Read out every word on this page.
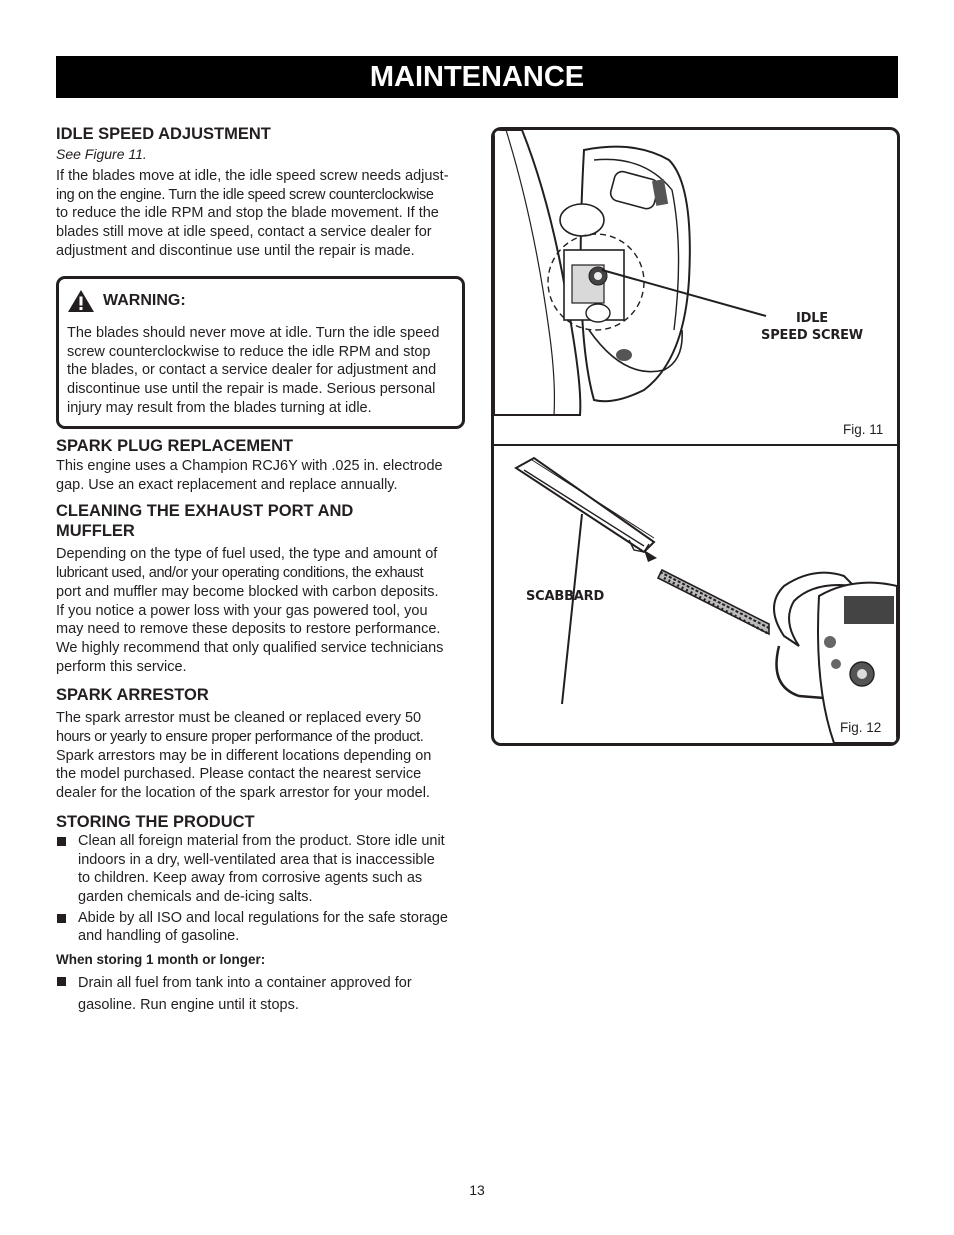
MAINTENANCE

IDLE SPEED ADJUSTMENT

See Figure 11.

If the blades move at idle, the idle speed screw needs adjust-

ing on the engine. Turn the idle speed screw counterclockwise

to reduce the idle RPM and stop the blade movement. If the

blades still move at idle speed, contact a service dealer for

adjustment and discontinue use until the repair is made.

WARNING:
The blades should never move at idle. Turn the idle speed
screw counterclockwise to reduce the idle RPM and stop
the blades, or contact a service dealer for adjustment and
discontinue use until the repair is made. Serious personal
injury may result from the blades turning at idle.

SPARK PLUG REPLACEMENT

This engine uses a Champion RCJ6Y with .025 in. electrode

gap. Use an exact replacement and replace annually.

CLEANING THE EXHAUST PORT AND
MUFFLER

Depending on the type of fuel used, the type and amount of

lubricant used, and/or your operating conditions, the exhaust

port and muffler may become blocked with carbon deposits.

If you notice a power loss with your gas powered tool, you

may need to remove these deposits to restore performance.

We highly recommend that only qualified service technicians

perform this service.

SPARK ARRESTOR

The spark arrestor must be cleaned or replaced every 50

hours or yearly to ensure proper performance of the product.

Spark arrestors may be in different locations depending on

the model purchased. Please contact the nearest service

dealer for the location of the spark arrestor for your model.

STORING THE PRODUCT

Clean all foreign material from the product. Store idle unit
indoors in a dry, well-ventilated area that is inaccessible
to children. Keep away from corrosive agents such as
garden chemicals and de-icing salts.
Abide by all ISO and local regulations for the safe storage
and handling of gasoline.

When storing 1 month or longer:

Drain all fuel from tank into a container approved for
gasoline. Run engine until it stops.
IDLE
SPEED SCREW
Fig. 11
SCABBARD
Fig. 12
13
